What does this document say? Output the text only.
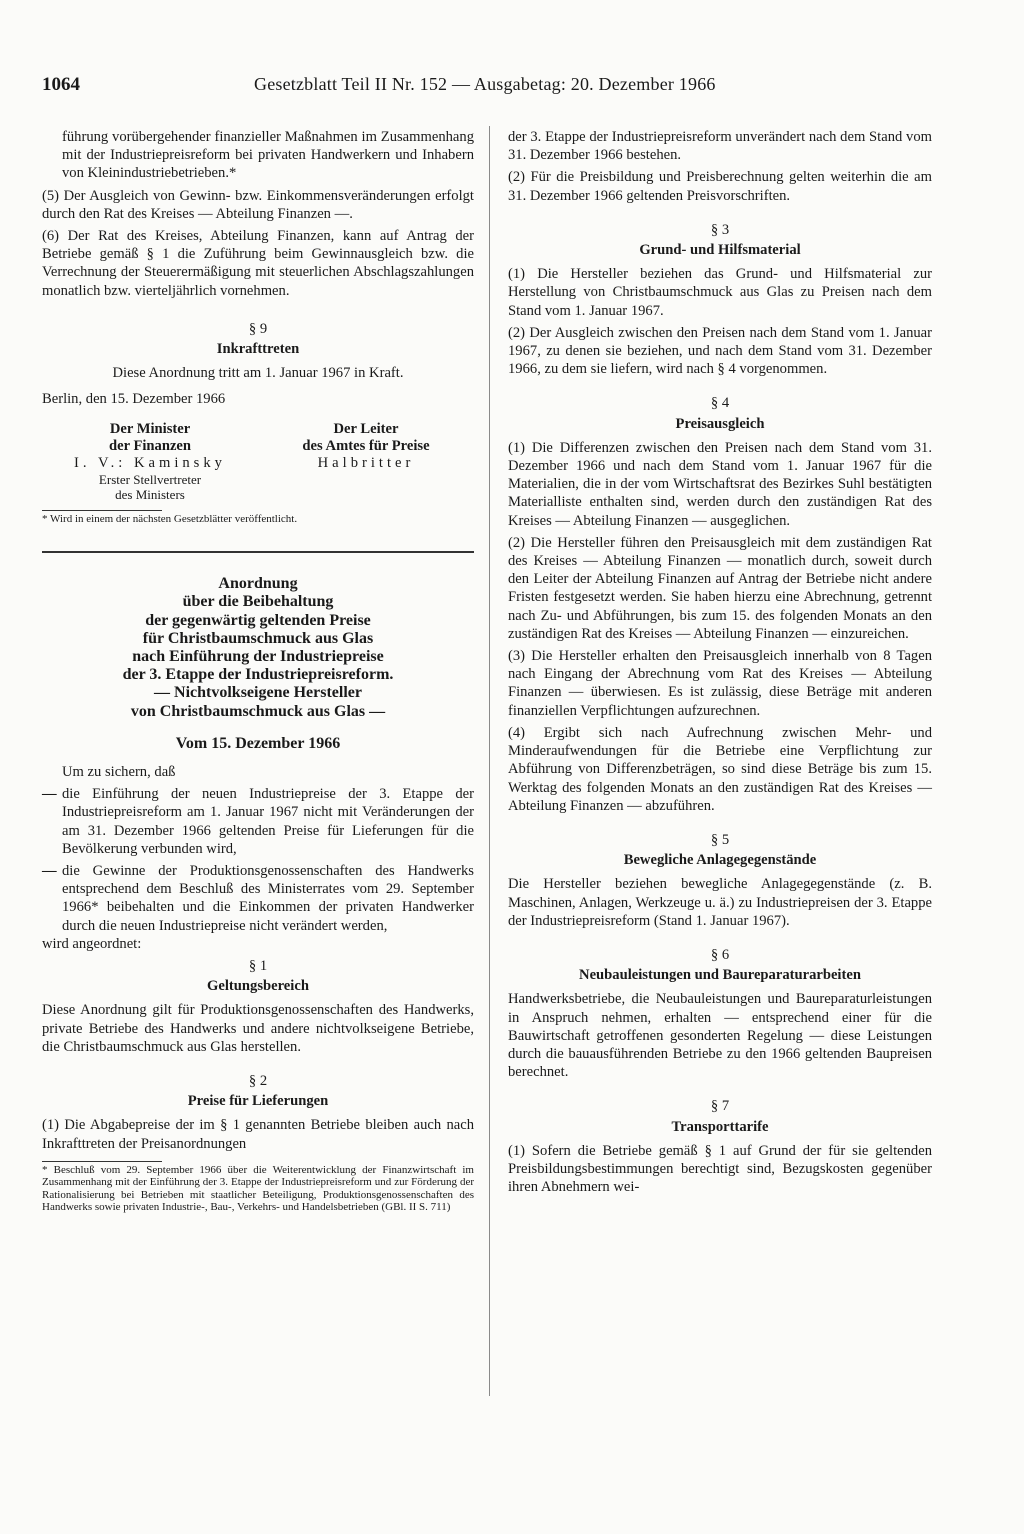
1064	Gesetzblatt Teil II Nr. 152 — Ausgabetag: 20. Dezember 1966

führung vorübergehender finanzieller Maßnahmen im Zusammenhang mit der Industriepreisreform bei privaten Handwerkern und Inhabern von Kleinindustriebetrieben.*

(5) Der Ausgleich von Gewinn- bzw. Einkommensveränderungen erfolgt durch den Rat des Kreises — Abteilung Finanzen —.

(6) Der Rat des Kreises, Abteilung Finanzen, kann auf Antrag der Betriebe gemäß § 1 die Zuführung beim Gewinnausgleich bzw. die Verrechnung der Steuerermäßigung mit steuerlichen Abschlagszahlungen monatlich bzw. vierteljährlich vornehmen.

§ 9
Inkrafttreten

Diese Anordnung tritt am 1. Januar 1967 in Kraft.

Berlin, den 15. Dezember 1966

Der Minister
der Finanzen
I. V.: Kaminsky
Erster Stellvertreter
des Ministers
Der Leiter
des Amtes für Preise
Halbritter
* Wird in einem der nächsten Gesetzblätter veröffentlicht.
Anordnung
über die Beibehaltung
der gegenwärtig geltenden Preise
für Christbaumschmuck aus Glas
nach Einführung der Industriepreise
der 3. Etappe der Industriepreisreform.
— Nichtvolkseigene Hersteller
von Christbaumschmuck aus Glas —
Vom 15. Dezember 1966

Um zu sichern, daß

— die Einführung der neuen Industriepreise der 3. Etappe der Industriepreisreform am 1. Januar 1967 nicht mit Veränderungen der am 31. Dezember 1966 geltenden Preise für Lieferungen für die Bevölkerung verbunden wird,
— die Gewinne der Produktionsgenossenschaften des Handwerks entsprechend dem Beschluß des Ministerrates vom 29. September 1966* beibehalten und die Einkommen der privaten Handwerker durch die neuen Industriepreise nicht verändert werden,

wird angeordnet:

§ 1
Geltungsbereich

Diese Anordnung gilt für Produktionsgenossenschaften des Handwerks, private Betriebe des Handwerks und andere nichtvolkseigene Betriebe, die Christbaumschmuck aus Glas herstellen.

§ 2
Preise für Lieferungen

(1) Die Abgabepreise der im § 1 genannten Betriebe bleiben auch nach Inkrafttreten der Preisanordnungen

* Beschluß vom 29. September 1966 über die Weiterentwicklung der Finanzwirtschaft im Zusammenhang mit der Einführung der 3. Etappe der Industriepreisreform und zur Förderung der Rationalisierung bei Betrieben mit staatlicher Beteiligung, Produktionsgenossenschaften des Handwerks sowie privaten Industrie-, Bau-, Verkehrs- und Handelsbetrieben (GBl. II S. 711)

der 3. Etappe der Industriepreisreform unverändert nach dem Stand vom 31. Dezember 1966 bestehen.

(2) Für die Preisbildung und Preisberechnung gelten weiterhin die am 31. Dezember 1966 geltenden Preisvorschriften.

§ 3
Grund- und Hilfsmaterial

(1) Die Hersteller beziehen das Grund- und Hilfsmaterial zur Herstellung von Christbaumschmuck aus Glas zu Preisen nach dem Stand vom 1. Januar 1967.

(2) Der Ausgleich zwischen den Preisen nach dem Stand vom 1. Januar 1967, zu denen sie beziehen, und nach dem Stand vom 31. Dezember 1966, zu dem sie liefern, wird nach § 4 vorgenommen.

§ 4
Preisausgleich

(1) Die Differenzen zwischen den Preisen nach dem Stand vom 31. Dezember 1966 und nach dem Stand vom 1. Januar 1967 für die Materialien, die in der vom Wirtschaftsrat des Bezirkes Suhl bestätigten Materialliste enthalten sind, werden durch den zuständigen Rat des Kreises — Abteilung Finanzen — ausgeglichen.

(2) Die Hersteller führen den Preisausgleich mit dem zuständigen Rat des Kreises — Abteilung Finanzen — monatlich durch, soweit durch den Leiter der Abteilung Finanzen auf Antrag der Betriebe nicht andere Fristen festgesetzt werden. Sie haben hierzu eine Abrechnung, getrennt nach Zu- und Abführungen, bis zum 15. des folgenden Monats an den zuständigen Rat des Kreises — Abteilung Finanzen — einzureichen.

(3) Die Hersteller erhalten den Preisausgleich innerhalb von 8 Tagen nach Eingang der Abrechnung vom Rat des Kreises — Abteilung Finanzen — überwiesen. Es ist zulässig, diese Beträge mit anderen finanziellen Verpflichtungen aufzurechnen.

(4) Ergibt sich nach Aufrechnung zwischen Mehr- und Minderaufwendungen für die Betriebe eine Verpflichtung zur Abführung von Differenzbeträgen, so sind diese Beträge bis zum 15. Werktag des folgenden Monats an den zuständigen Rat des Kreises — Abteilung Finanzen — abzuführen.

§ 5
Bewegliche Anlagegegenstände

Die Hersteller beziehen bewegliche Anlagegegenstände (z. B. Maschinen, Anlagen, Werkzeuge u. ä.) zu Industriepreisen der 3. Etappe der Industriepreisreform (Stand 1. Januar 1967).

§ 6
Neubauleistungen und Baureparaturarbeiten

Handwerksbetriebe, die Neubauleistungen und Baureparaturleistungen in Anspruch nehmen, erhalten — entsprechend einer für die Bauwirtschaft getroffenen gesonderten Regelung — diese Leistungen durch die bauausführenden Betriebe zu den 1966 geltenden Baupreisen berechnet.

§ 7
Transporttarife

(1) Sofern die Betriebe gemäß § 1 auf Grund der für sie geltenden Preisbildungsbestimmungen berechtigt sind, Bezugskosten gegenüber ihren Abnehmern wei-
